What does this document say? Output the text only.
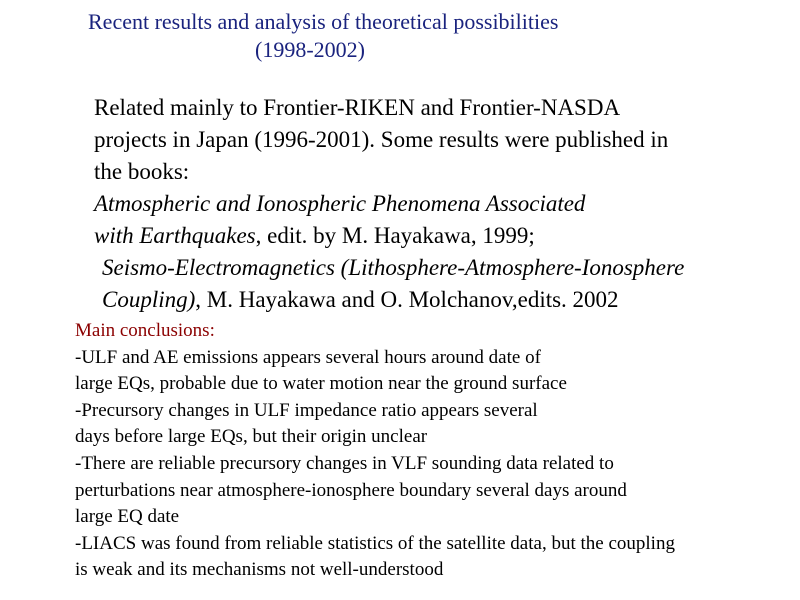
Recent results and analysis of theoretical possibilities
(1998-2002)
Related mainly to Frontier-RIKEN and Frontier-NASDA
projects in Japan (1996-2001). Some results were published in
the books:
Atmospheric and Ionospheric Phenomena Associated
with Earthquakes, edit. by M. Hayakawa, 1999;
Seismo-Electromagnetics (Lithosphere-Atmosphere-Ionosphere
Coupling), M. Hayakawa and O. Molchanov,edits. 2002
Main conclusions:
-ULF and AE emissions appears several hours around date of
large EQs, probable due to water motion near the ground surface
-Precursory changes in ULF impedance ratio appears several
days before large EQs, but their origin unclear
-There are reliable precursory changes in VLF sounding data related to
perturbations near atmosphere-ionosphere boundary several days around
large EQ date
-LIACS was found from reliable statistics of the satellite data, but the coupling
is weak and its mechanisms not well-understood
